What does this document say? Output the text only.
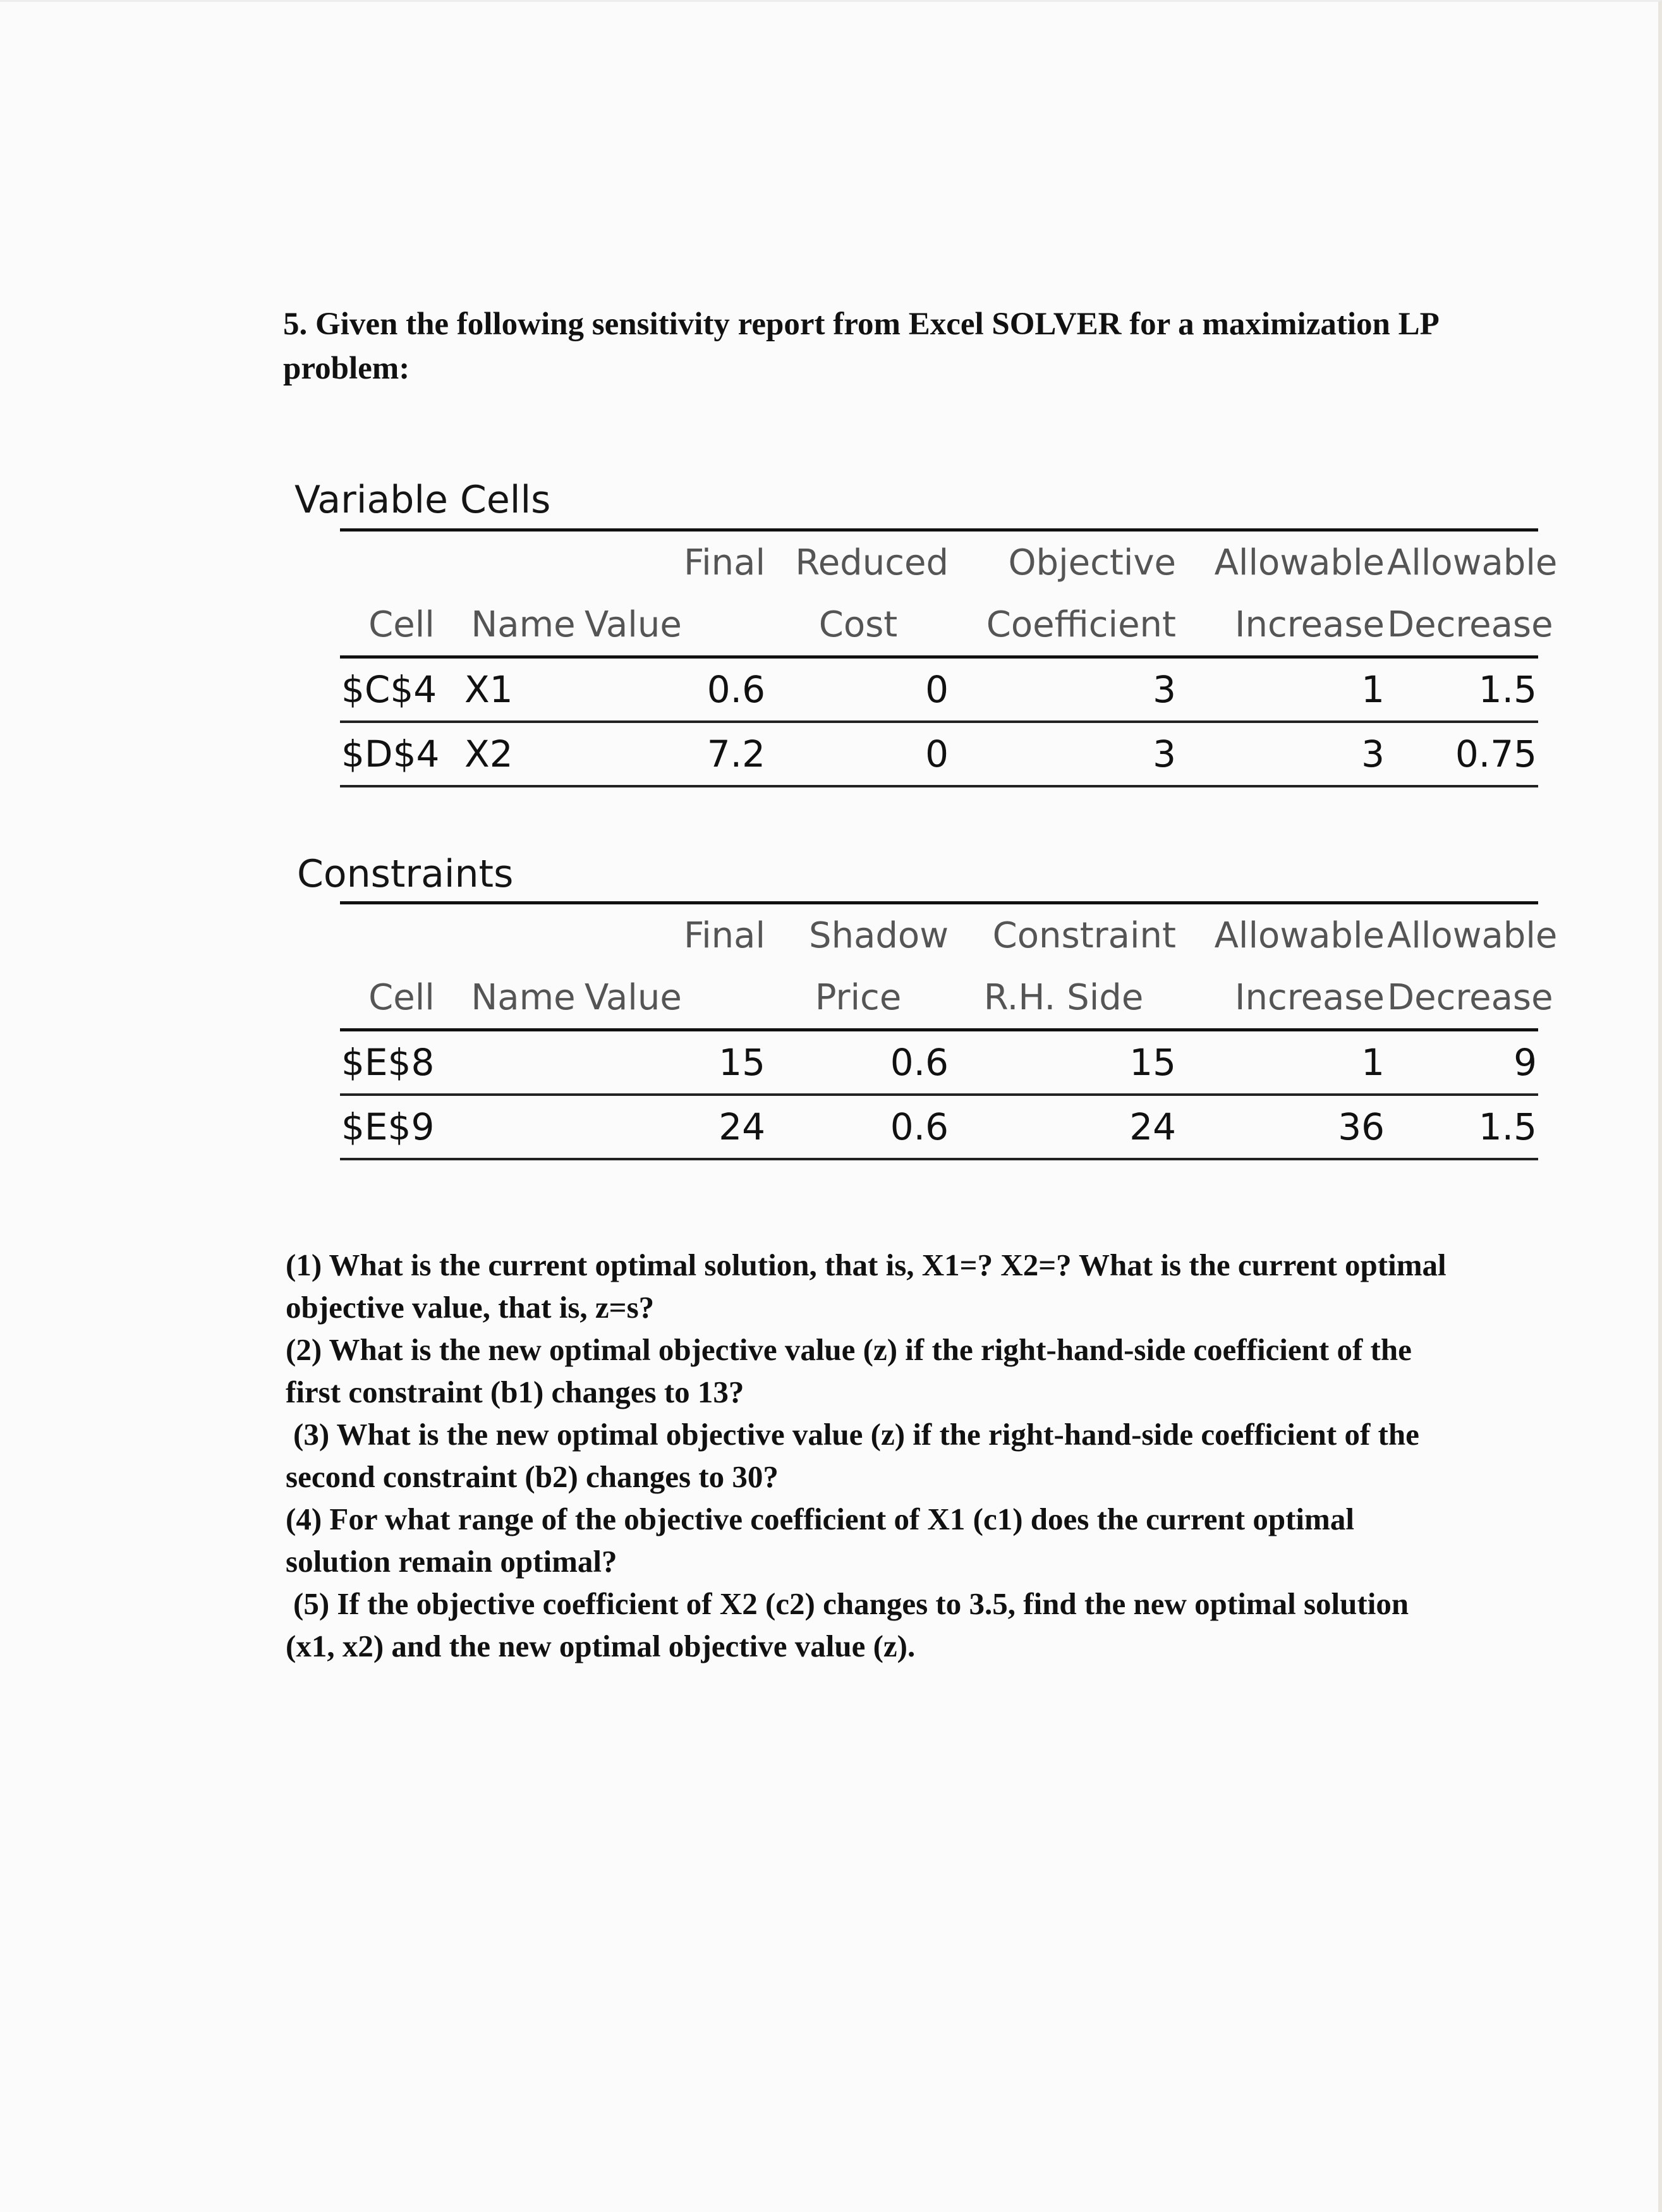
5. Given the following sensitivity report from Excel SOLVER for a maximization LP
problem:
Variable Cells
		Final	Reduced	Objective	Allowable	Allowable
Cell	Name	Value	Cost	Coefficient	Increase	Decrease
$C$4	X1	0.6	0	3	1	1.5
$D$4	X2	7.2	0	3	3	0.75
Constraints
		Final	Shadow	Constraint	Allowable	Allowable
Cell	Name	Value	Price	R.H. Side	Increase	Decrease
$E$8		15	0.6	15	1	9
$E$9		24	0.6	24	36	1.5

(1) What is the current optimal solution, that is, X1=? X2=? What is the current optimal

objective value, that is, z=s?

(2) What is the new optimal objective value (z) if the right-hand-side coefficient of the

first constraint (b1) changes to 13?

(3) What is the new optimal objective value (z) if the right-hand-side coefficient of the

second constraint (b2) changes to 30?

(4) For what range of the objective coefficient of X1 (c1) does the current optimal

solution remain optimal?

(5) If the objective coefficient of X2 (c2) changes to 3.5, find the new optimal solution

(x1, x2) and the new optimal objective value (z).
